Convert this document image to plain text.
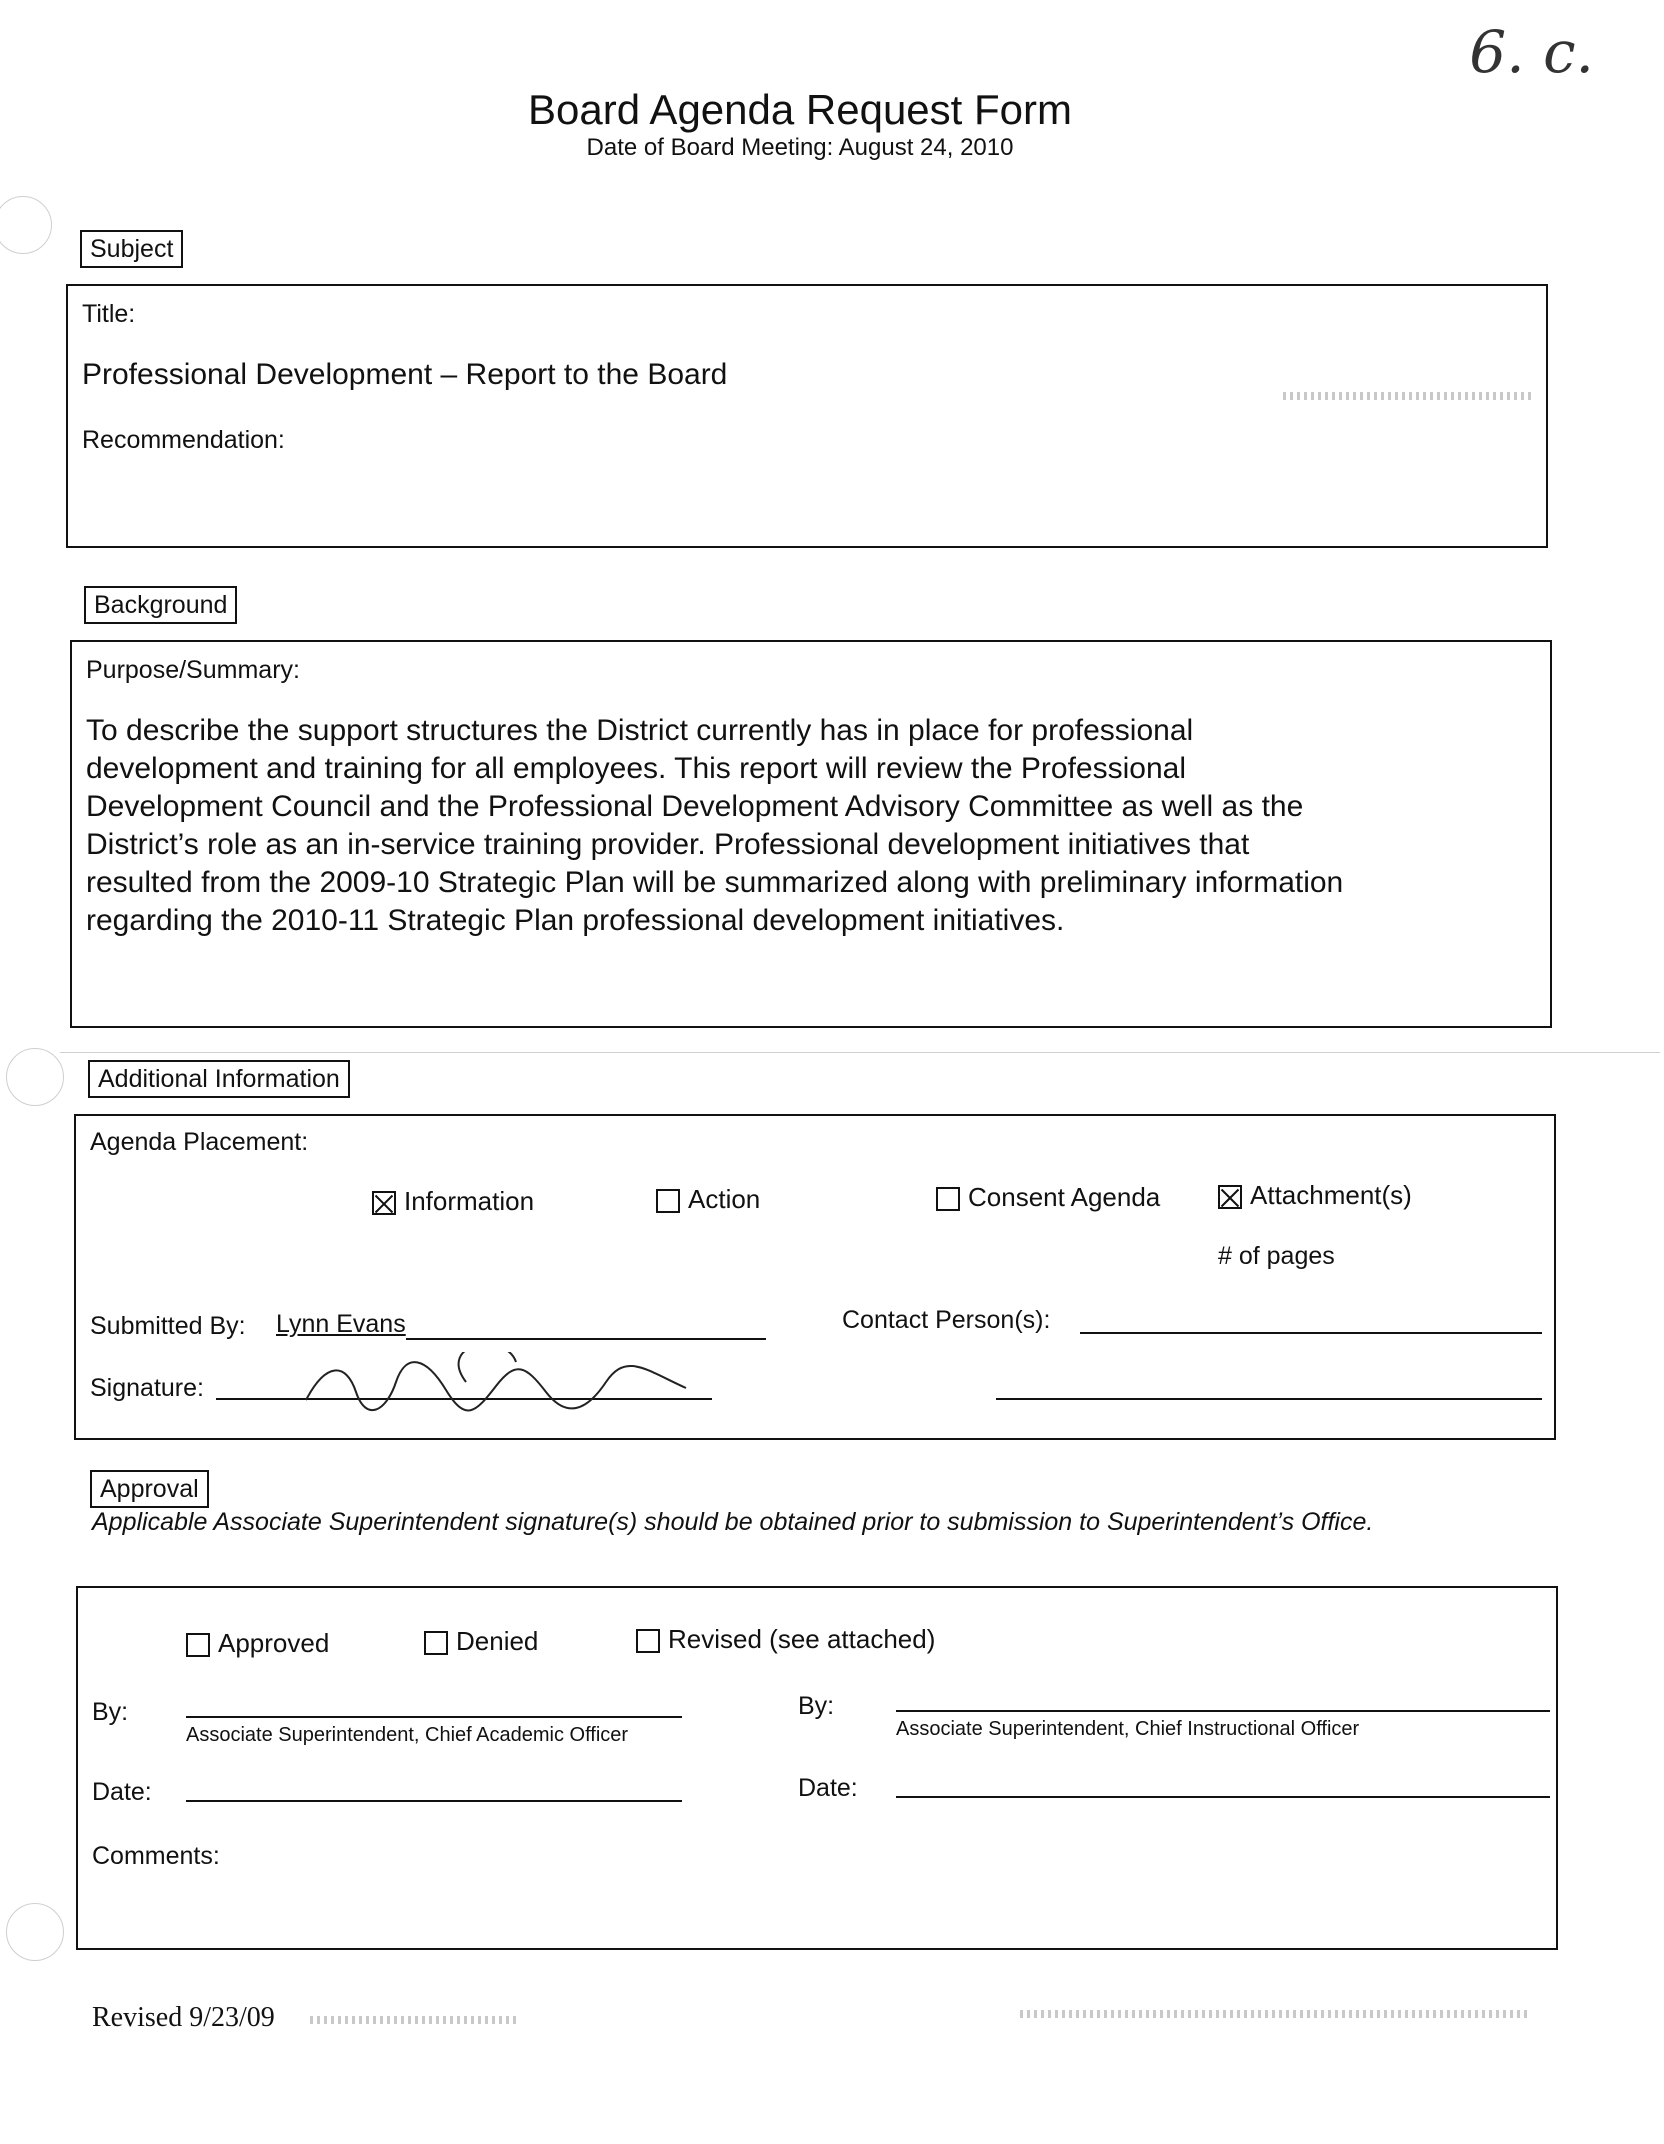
6. c.
Board Agenda Request Form
Date of Board Meeting: August 24, 2010
Subject
Title:
Professional Development – Report to the Board
Recommendation:
Background
Purpose/Summary:
To describe the support structures the District currently has in place for professional
development and training for all employees. This report will review the Professional
Development Council and the Professional Development Advisory Committee as well as the
District’s role as an in-service training provider. Professional development initiatives that
resulted from the 2009-10 Strategic Plan will be summarized along with preliminary information
regarding the 2010-11 Strategic Plan professional development initiatives.
Additional Information
Agenda Placement:
Information	Action	Consent Agenda	Attachment(s)
# of pages
Submitted By: Lynn Evans	Contact Person(s):
Signature:
Approval
Applicable Associate Superintendent signature(s) should be obtained prior to submission to Superintendent’s Office.
Approved	Denied	Revised (see attached)
By:
Associate Superintendent, Chief Academic Officer
By:
Associate Superintendent, Chief Instructional Officer
Date:	Date:
Comments:
Revised 9/23/09
